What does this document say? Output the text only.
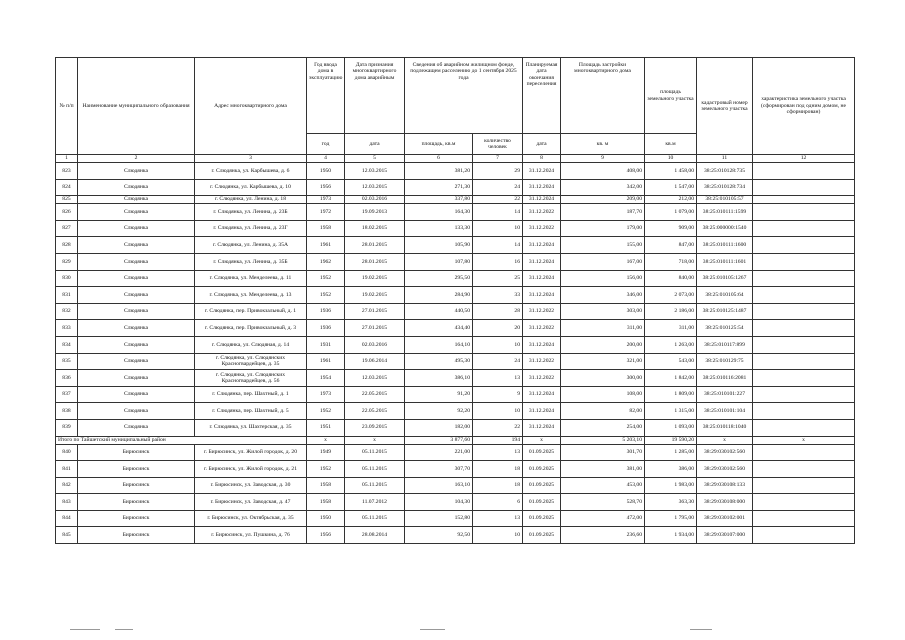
№ п/п	Наименование муниципального образования	Адрес многоквартирного дома	Год ввода дома в эксплуатацию	Дата признания многоквартирного дома аварийным	Сведения об аварийном жилищном фонде, подлежащем расселению до 1 сентября 2025 года		Планируемая дата окончания переселения	Площадь застройки многоквартирного дома	площадь земельного участка	кадастровый номер земельного участка	характеристика земельного участка (сформирован под одним домом, не сформирован)
			год	дата	площадь, кв.м	количество человек	дата	кв. м	кв.м		
1	2	3	4	5	6	7	8	9	10	11	12
823	Слюдянка	г. Слюдянка, ул. Карбышева, д. 6	1950	12.03.2015	381,20	29	31.12.2024	408,00	1 458,00	38:25:010128:735	
824	Слюдянка	г. Слюдянка, ул. Карбышева, д. 10	1956	12.03.2015	271,30	24	31.12.2024	342,00	1 547,00	38:25:010128:734	
825	Слюдянка	г. Слюдянка, ул. Ленина, д. 18	1973	02.03.2016	337,80	22	31.12.2024	209,00	212,00	38:25:010105:57	
826	Слюдянка	г. Слюдянка, ул. Ленина, д. 23Б	1972	19.09.2013	164,30	14	31.12.2022	187,70	1 079,00	38:25:010111:1599	
827	Слюдянка	г. Слюдянка, ул. Ленина, д. 23Г	1958	18.02.2015	133,30	10	31.12.2022	179,00	909,00	38:25:000000:1540	
828	Слюдянка	г. Слюдянка, ул. Ленина, д. 35А	1961	28.01.2015	105,90	14	31.12.2024	155,00	847,00	38:25:010111:1600	
829	Слюдянка	г. Слюдянка, ул. Ленина, д. 35Б	1962	28.01.2015	107,80	16	31.12.2024	167,00	718,00	38:25:010111:1601	
830	Слюдянка	г. Слюдянка, ул. Менделеева, д. 11	1952	19.02.2015	295,50	25	31.12.2024	156,00	840,00	38:25:010105:1267	
831	Слюдянка	г. Слюдянка, ул. Менделеева, д. 13	1952	19.02.2015	284,90	33	31.12.2024	346,00	2 073,00	38:25:010105:64	
832	Слюдянка	г. Слюдянка, пер. Привокзальный, д. 1	1936	27.01.2015	440,50	28	31.12.2022	303,00	2 186,00	38:25:010125:1487	
833	Слюдянка	г. Слюдянка, пер. Привокзальный, д. 3	1936	27.01.2015	434,40	20	31.12.2022	311,00	311,00	38:25:010125:54	
834	Слюдянка	г. Слюдянка, ул. Слюдяная, д. 14	1931	02.03.2016	164,10	10	31.12.2024	200,00	1 263,00	38:25:010117:899	
835	Слюдянка	г. Слюдянка, ул. Слюдянских Красногвардейцев, д. 35	1961	19.06.2014	495,30	24	31.12.2022	321,00	543,00	38:25:010129:75	
836	Слюдянка	г. Слюдянка, ул. Слюдянских Красногвардейцев, д. 56	1954	12.03.2015	386,10	13	31.12.2022	300,00	1 842,00	38:25:010116:2081	
837	Слюдянка	г. Слюдянка, пер. Шахтный, д. 1	1973	22.05.2015	91,20	9	31.12.2024	108,00	1 809,00	38:25:010101:227	
838	Слюдянка	г. Слюдянка, пер. Шахтный, д. 5	1952	22.05.2015	92,20	10	31.12.2024	82,00	1 315,00	38:25:010101:104	
839	Слюдянка	г. Слюдянка, ул. Шахтерская, д. 35	1951	23.09.2015	182,00	22	31.12.2024	254,00	1 093,00	38:25:010118:1040	
Итого по Тайшетский муниципальный район			x	x	3 877,60	194	x	5 203,10	19 590,20	x	x
840	Бирюсинск	г. Бирюсинск, ул. Жилой городок, д. 20	1949	05.11.2015	221,00	13	01.09.2025	301,70	1 285,00	38:29:030102:560	
841	Бирюсинск	г. Бирюсинск, ул. Жилой городок, д. 21	1952	05.11.2015	307,70	18	01.09.2025	381,00	386,00	38:29:030102:560	
842	Бирюсинск	г. Бирюсинск, ул. Заводская, д. 30	1958	05.11.2015	163,10	18	01.09.2025	453,00	1 983,00	38:29:030108:133	
843	Бирюсинск	г. Бирюсинск, ул. Заводская, д. 47	1958	11.07.2012	104,30	6	01.09.2025	528,70	363,30	38:29:030108:000	
844	Бирюсинск	г. Бирюсинск, ул. Октябрьская, д. 35	1950	05.11.2015	152,80	13	01.09.2025	472,00	1 795,00	38:29:030102:001	
845	Бирюсинск	г. Бирюсинск, ул. Пушкина, д. 76	1956	28.08.2014	92,50	10	01.09.2025	236,60	1 934,00	38:29:030107:000	
